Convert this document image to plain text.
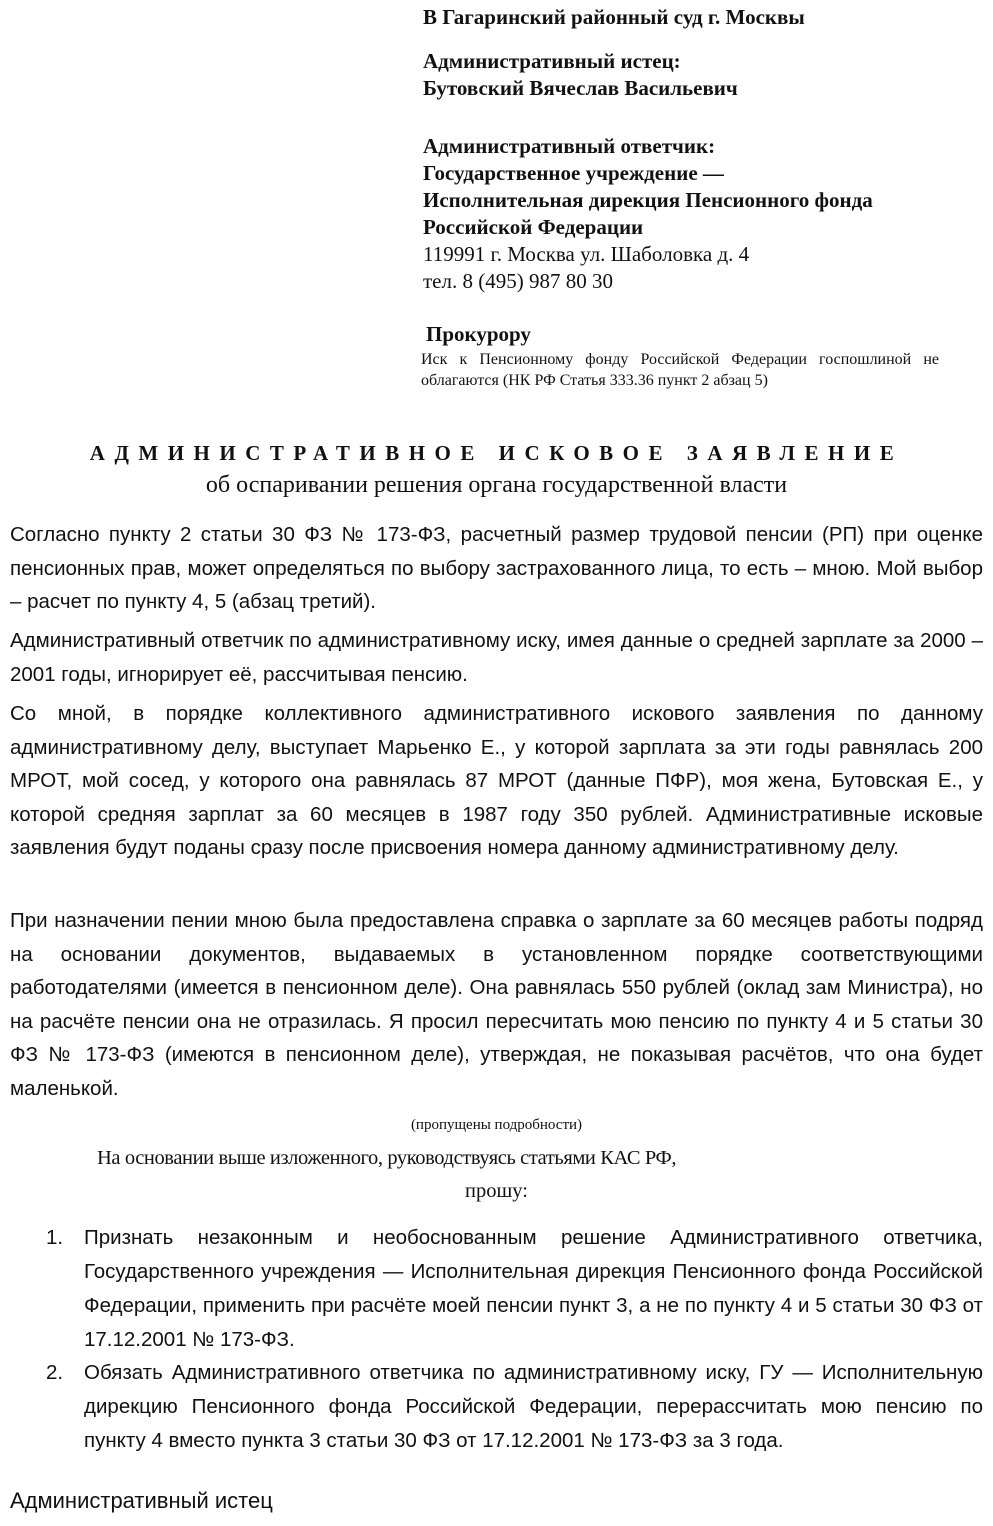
В Гагаринский районный суд г. Москвы
Административный истец:
Бутовский Вячеслав Васильевич
Административный ответчик:
Государственное учреждение —
Исполнительная дирекция Пенсионного фонда
Российской Федерации
119991 г. Москва ул. Шаболовка д. 4
тел. 8 (495) 987 80 30
Прокурору
Иск к Пенсионному фонду Российской Федерации госпошлиной не облагаются (НК РФ Статья 333.36 пункт 2 абзац 5)
АДМИНИСТРАТИВНОЕ ИСКОВОЕ ЗАЯВЛЕНИЕ
об оспаривании решения органа государственной власти
Согласно пункту 2 статьи 30 ФЗ № 173-ФЗ, расчетный размер трудовой пенсии (РП) при оценке пенсионных прав, может определяться по выбору застрахованного лица, то есть – мною. Мой выбор – расчет по пункту 4, 5 (абзац третий).
Административный ответчик по административному иску, имея данные о средней зарплате за 2000 – 2001 годы, игнорирует её, рассчитывая пенсию.
Со мной, в порядке коллективного административного искового заявления по данному административному делу, выступает Марьенко Е., у которой зарплата за эти годы равнялась 200 МРОТ, мой сосед, у которого она равнялась 87 МРОТ (данные ПФР), моя жена, Бутовская Е., у которой средняя зарплат за 60 месяцев в 1987 году 350 рублей. Административные исковые заявления будут поданы сразу после присвоения номера данному административному делу.
При назначении пении мною была предоставлена справка о зарплате за 60 месяцев работы подряд на основании документов, выдаваемых в установленном порядке соответствующими работодателями (имеется в пенсионном деле). Она равнялась 550 рублей (оклад зам Министра), но на расчёте пенсии она не отразилась. Я просил пересчитать мою пенсию по пункту 4 и 5 статьи 30 ФЗ № 173-ФЗ (имеются в пенсионном деле), утверждая, не показывая расчётов, что она будет маленькой.
(пропущены подробности)
На основании выше изложенного, руководствуясь статьями КАС РФ,
прошу:
1. Признать незаконным и необоснованным решение Административного ответчика, Государственного учреждения — Исполнительная дирекция Пенсионного фонда Российской Федерации, применить при расчёте моей пенсии пункт 3, а не по пункту 4 и 5 статьи 30 ФЗ от 17.12.2001 № 173-ФЗ.
2. Обязать Административного ответчика по административному иску, ГУ — Исполнительную дирекцию Пенсионного фонда Российской Федерации, перерассчитать мою пенсию по пункту 4 вместо пункта 3 статьи 30 ФЗ от 17.12.2001 № 173-ФЗ за 3 года.
Административный истец
